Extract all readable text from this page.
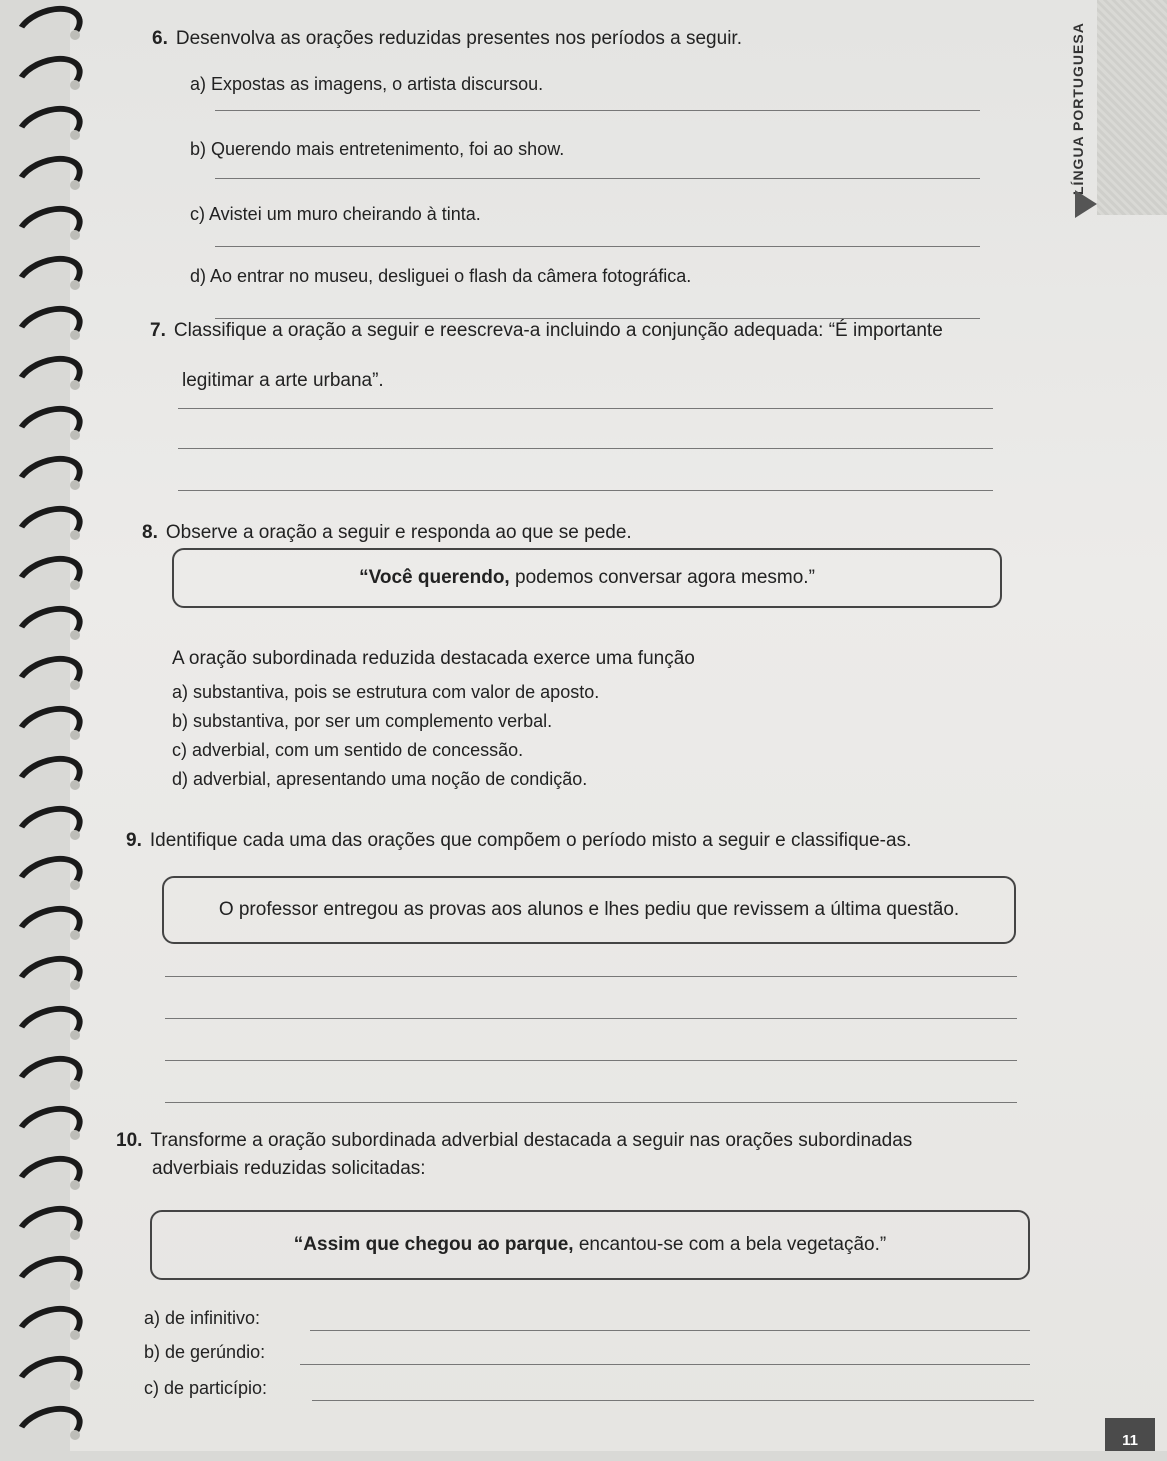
LÍNGUA PORTUGUESA
6. Desenvolva as orações reduzidas presentes nos períodos a seguir.
a) Expostas as imagens, o artista discursou.
b) Querendo mais entretenimento, foi ao show.
c) Avistei um muro cheirando à tinta.
d) Ao entrar no museu, desliguei o flash da câmera fotográfica.
7. Classifique a oração a seguir e reescreva-a incluindo a conjunção adequada: “É importante
legitimar a arte urbana”.
8. Observe a oração a seguir e responda ao que se pede.
“Você querendo, podemos conversar agora mesmo.”
A oração subordinada reduzida destacada exerce uma função
a) substantiva, pois se estrutura com valor de aposto.
b) substantiva, por ser um complemento verbal.
c) adverbial, com um sentido de concessão.
d) adverbial, apresentando uma noção de condição.
9. Identifique cada uma das orações que compõem o período misto a seguir e classifique-as.
O professor entregou as provas aos alunos e lhes pediu que revissem a última questão.
10. Transforme a oração subordinada adverbial destacada a seguir nas orações subordinadas
adverbiais reduzidas solicitadas:
“Assim que chegou ao parque, encantou-se com a bela vegetação.”
a) de infinitivo:
b) de gerúndio:
c) de particípio:
11
